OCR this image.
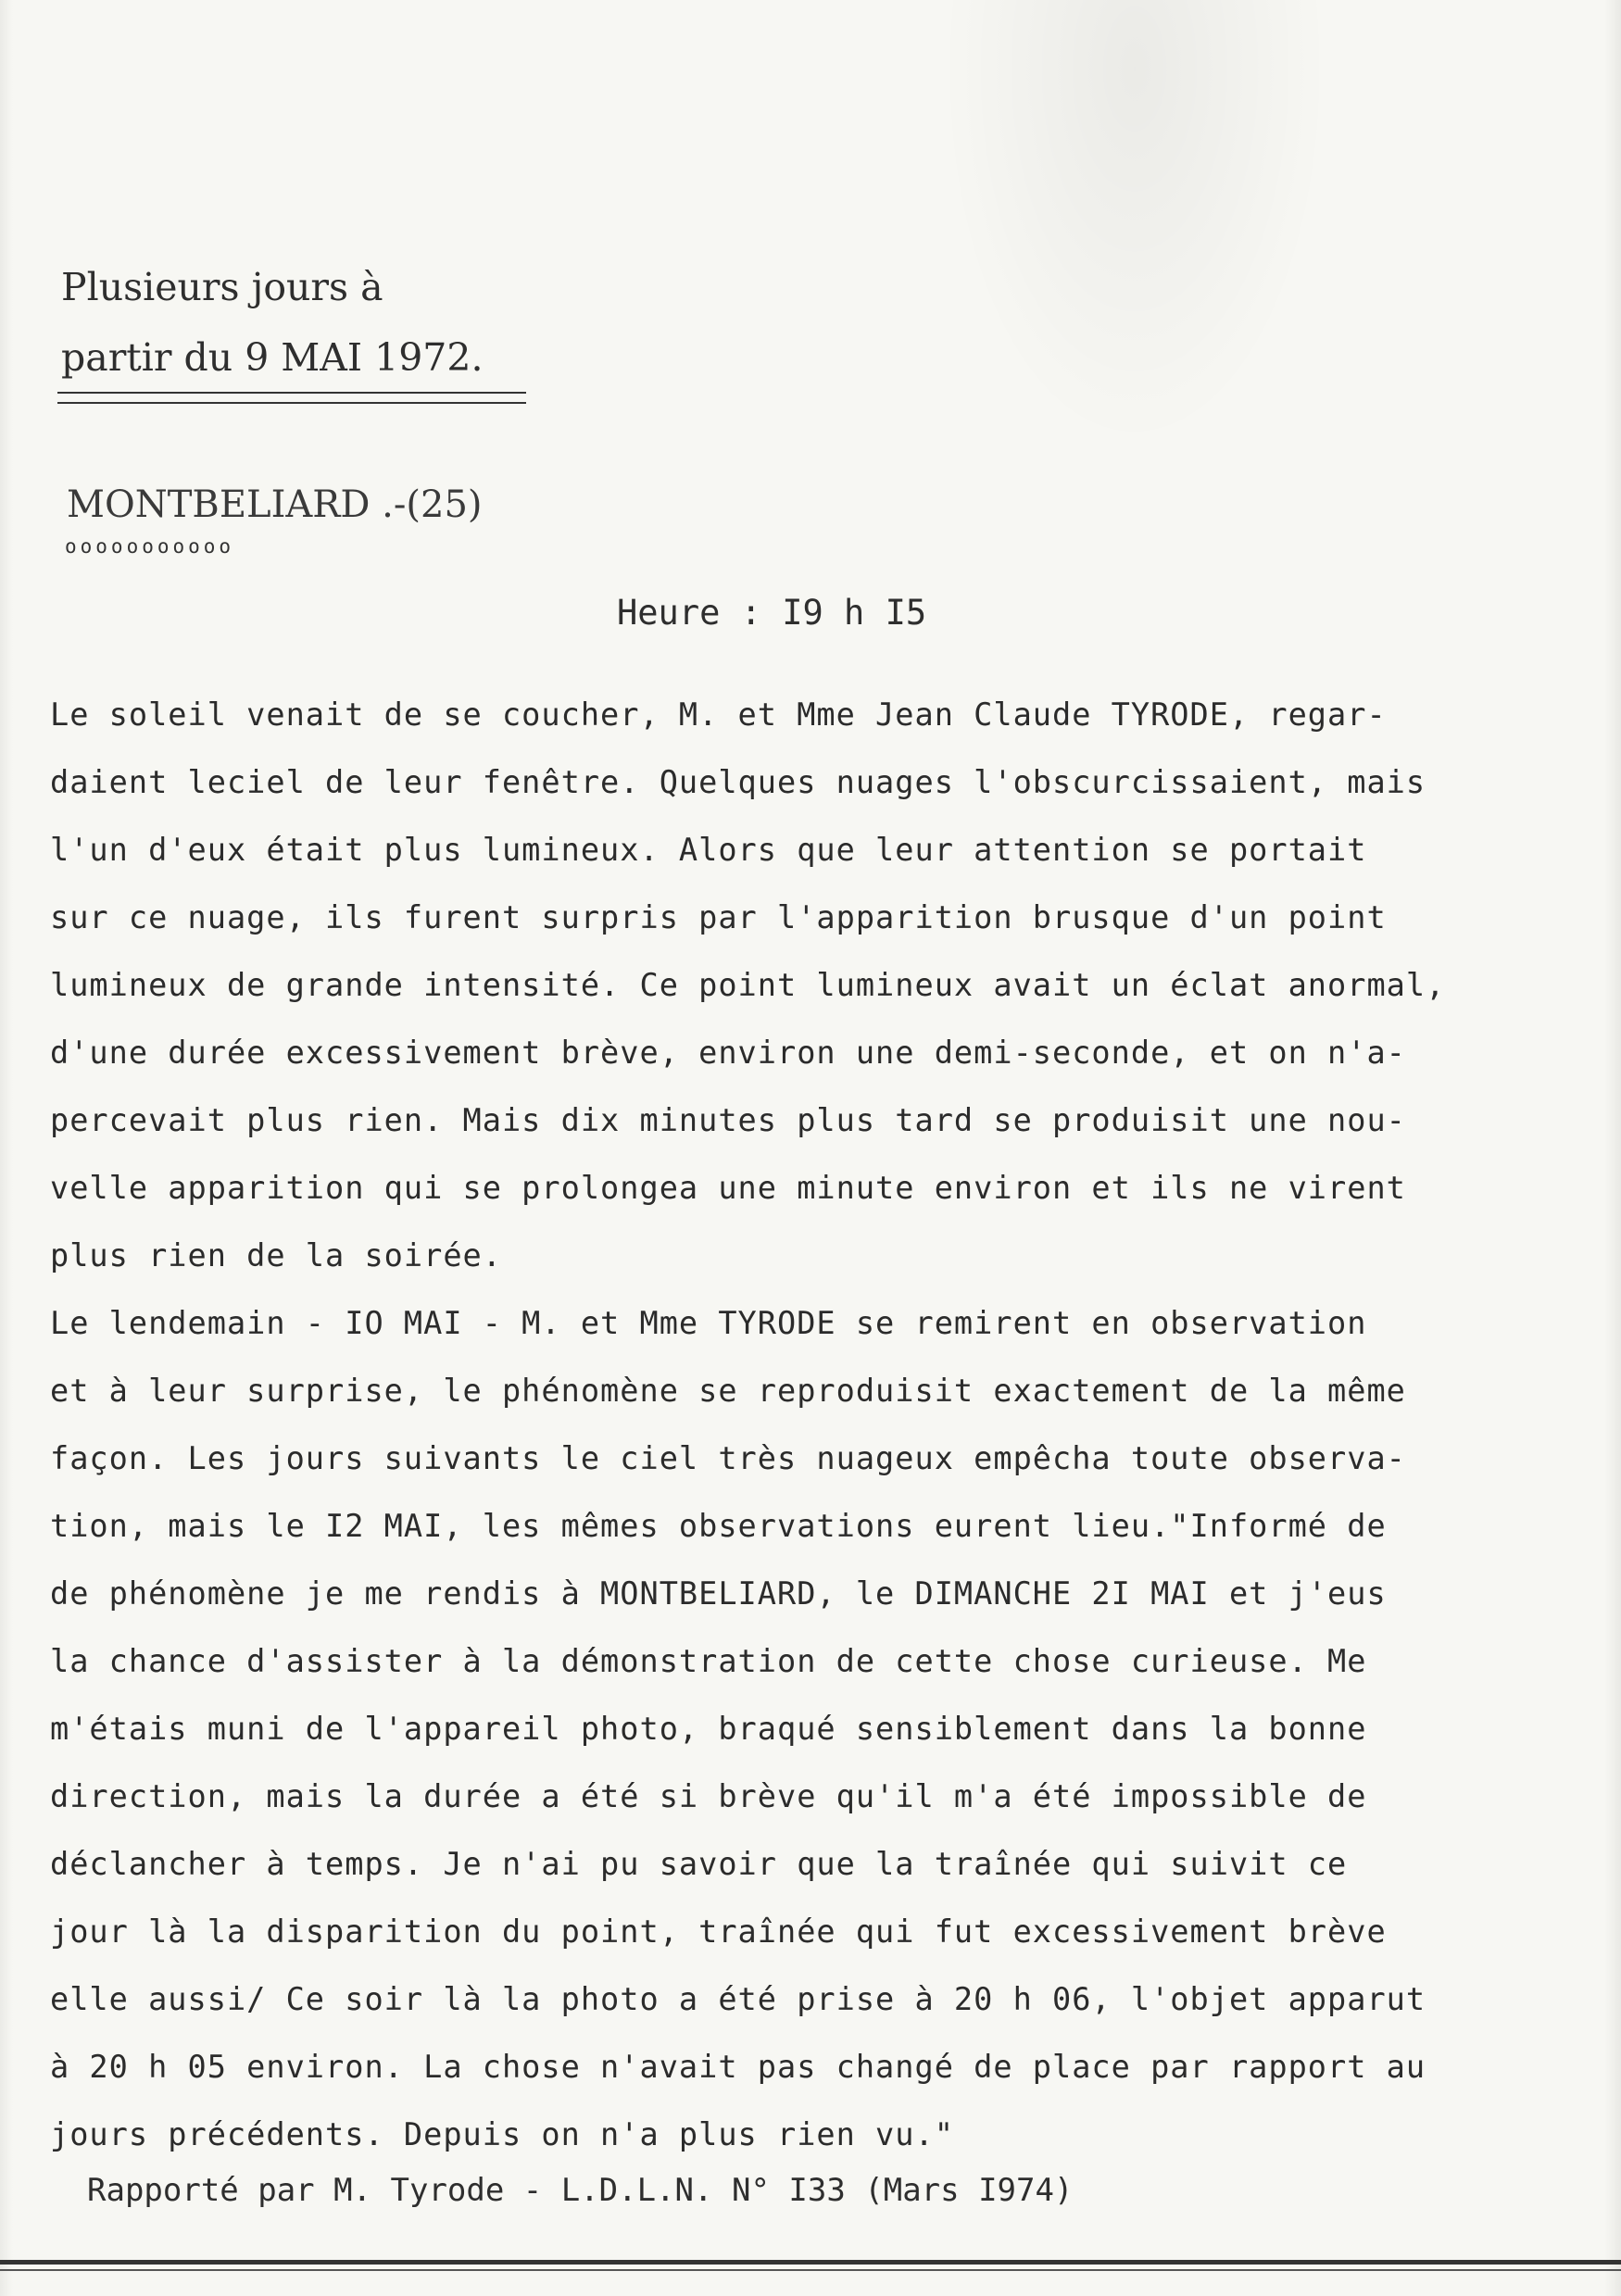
Plusieurs jours à
partir du 9 MAI 1972.
MONTBELIARD .-(25)
ooooooooooo
Heure : I9 h I5
Le soleil venait de se coucher, M. et Mme Jean Claude TYRODE, regar-
daient leciel de leur fenêtre. Quelques nuages l'obscurcissaient, mais
l'un d'eux était plus lumineux. Alors que leur attention se portait
sur ce nuage, ils furent surpris par l'apparition brusque d'un point
lumineux de grande intensité. Ce point lumineux avait un éclat anormal,
d'une durée excessivement brève, environ une demi-seconde, et on n'a-
percevait plus rien. Mais dix minutes plus tard se produisit une nou-
velle apparition qui se prolongea une minute environ et ils ne virent
plus rien de la soirée.
Le lendemain - IO MAI - M. et Mme TYRODE se remirent en observation
et à leur surprise, le phénomène se reproduisit exactement de la même
façon. Les jours suivants le ciel très nuageux empêcha toute observa-
tion, mais le I2 MAI, les mêmes observations eurent lieu."Informé de
de phénomène je me rendis à MONTBELIARD, le DIMANCHE 2I MAI et j'eus
la chance d'assister à la démonstration de cette chose curieuse. Me
m'étais muni de l'appareil photo, braqué sensiblement dans la bonne
direction, mais la durée a été si brève qu'il m'a été impossible de
déclancher à temps. Je n'ai pu savoir que la traînée qui suivit ce
jour là la disparition du point, traînée qui fut excessivement brève
elle aussi/ Ce soir là la photo a été prise à 20 h 06, l'objet apparut
à 20 h 05 environ. La chose n'avait pas changé de place par rapport au
jours précédents. Depuis on n'a plus rien vu."
Rapporté par M. Tyrode - L.D.L.N. N° I33 (Mars I974)
